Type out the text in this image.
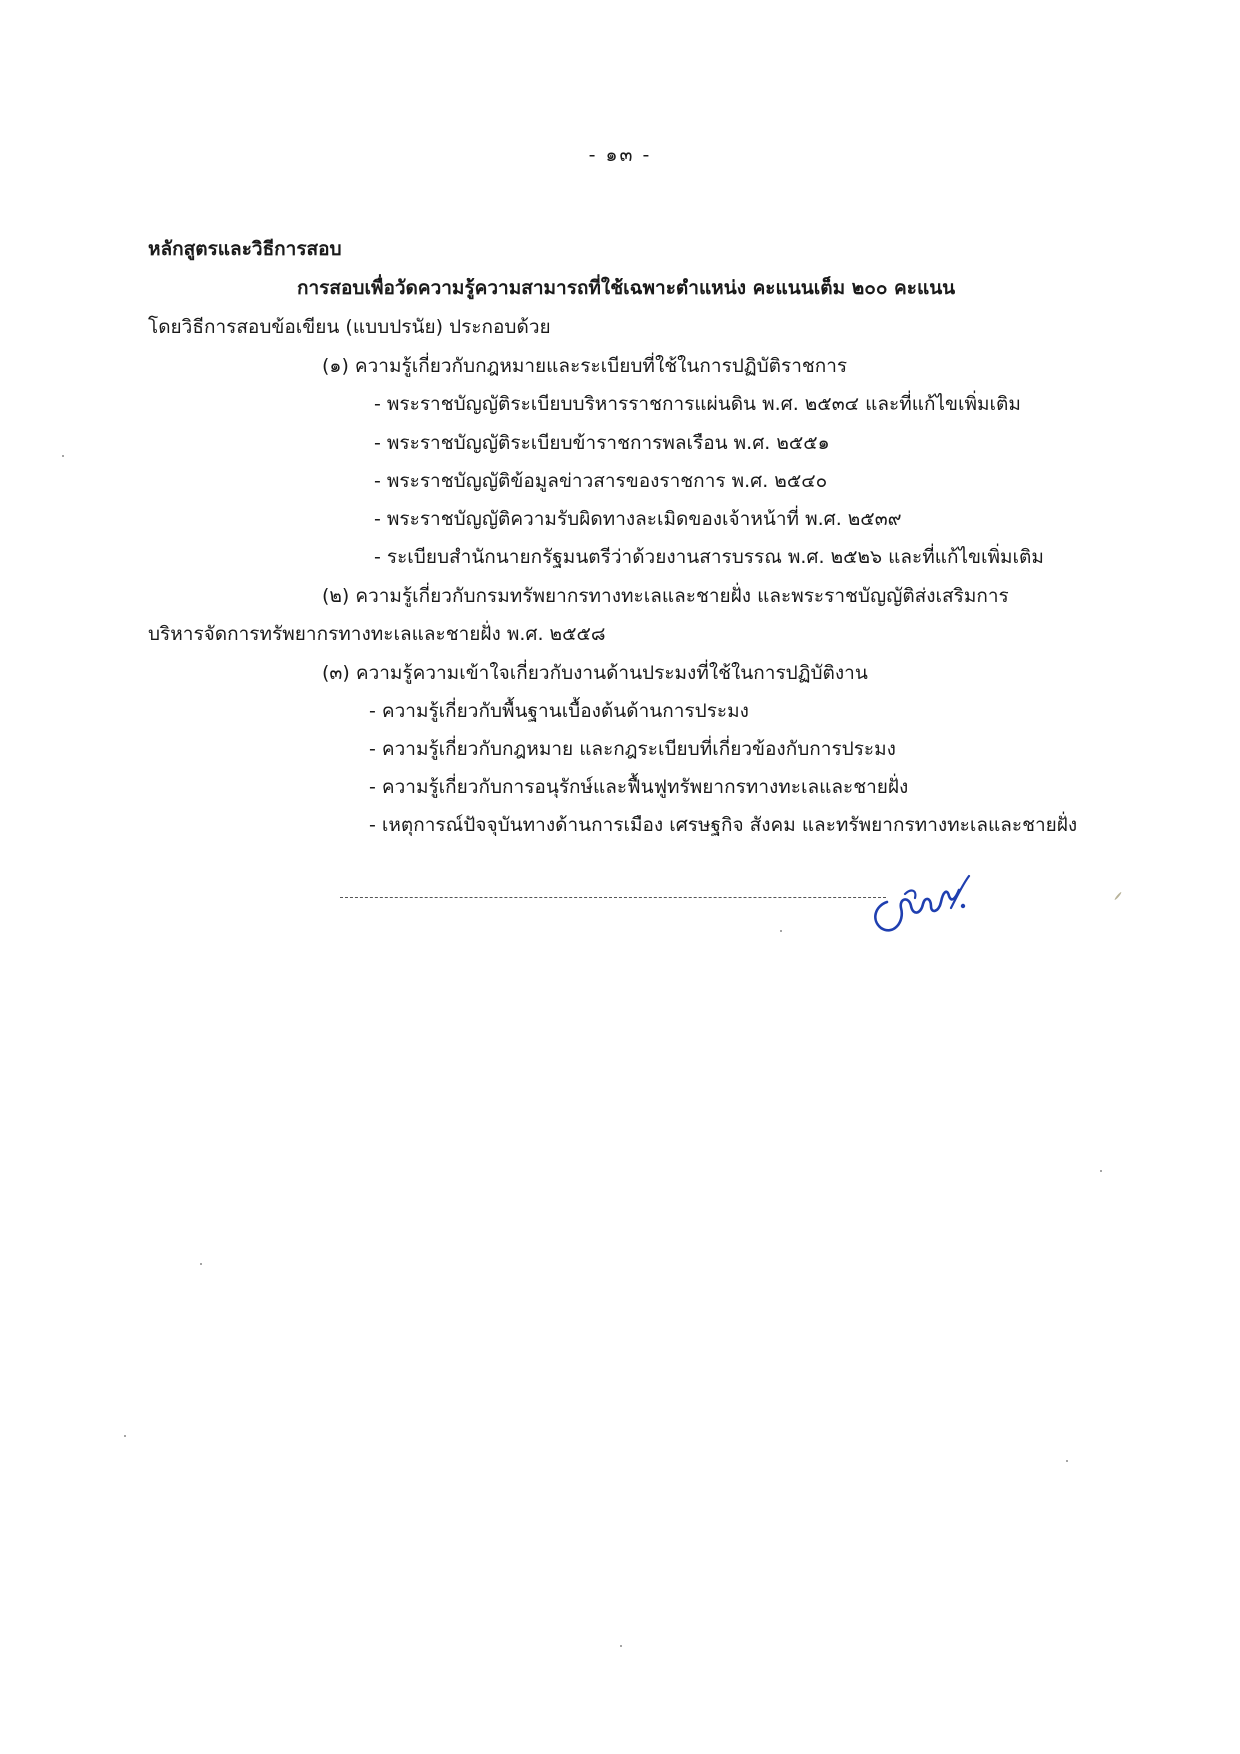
- ๑๓ -
หลักสูตรและวิธีการสอบ
การสอบเพื่อวัดความรู้ความสามารถที่ใช้เฉพาะตำแหน่ง คะแนนเต็ม ๒๐๐ คะแนน
โดยวิธีการสอบข้อเขียน (แบบปรนัย) ประกอบด้วย
(๑) ความรู้เกี่ยวกับกฎหมายและระเบียบที่ใช้ในการปฏิบัติราชการ
- พระราชบัญญัติระเบียบบริหารราชการแผ่นดิน พ.ศ. ๒๕๓๔ และที่แก้ไขเพิ่มเติม
- พระราชบัญญัติระเบียบข้าราชการพลเรือน พ.ศ. ๒๕๕๑
- พระราชบัญญัติข้อมูลข่าวสารของราชการ พ.ศ. ๒๕๔๐
- พระราชบัญญัติความรับผิดทางละเมิดของเจ้าหน้าที่ พ.ศ. ๒๕๓๙
- ระเบียบสำนักนายกรัฐมนตรีว่าด้วยงานสารบรรณ พ.ศ. ๒๕๒๖ และที่แก้ไขเพิ่มเติม
(๒) ความรู้เกี่ยวกับกรมทรัพยากรทางทะเลและชายฝั่ง และพระราชบัญญัติส่งเสริมการ
บริหารจัดการทรัพยากรทางทะเลและชายฝั่ง พ.ศ. ๒๕๕๘
(๓) ความรู้ความเข้าใจเกี่ยวกับงานด้านประมงที่ใช้ในการปฏิบัติงาน
- ความรู้เกี่ยวกับพื้นฐานเบื้องต้นด้านการประมง
- ความรู้เกี่ยวกับกฎหมาย และกฎระเบียบที่เกี่ยวข้องกับการประมง
- ความรู้เกี่ยวกับการอนุรักษ์และฟื้นฟูทรัพยากรทางทะเลและชายฝั่ง
- เหตุการณ์ปัจจุบันทางด้านการเมือง เศรษฐกิจ สังคม และทรัพยากรทางทะเลและชายฝั่ง
